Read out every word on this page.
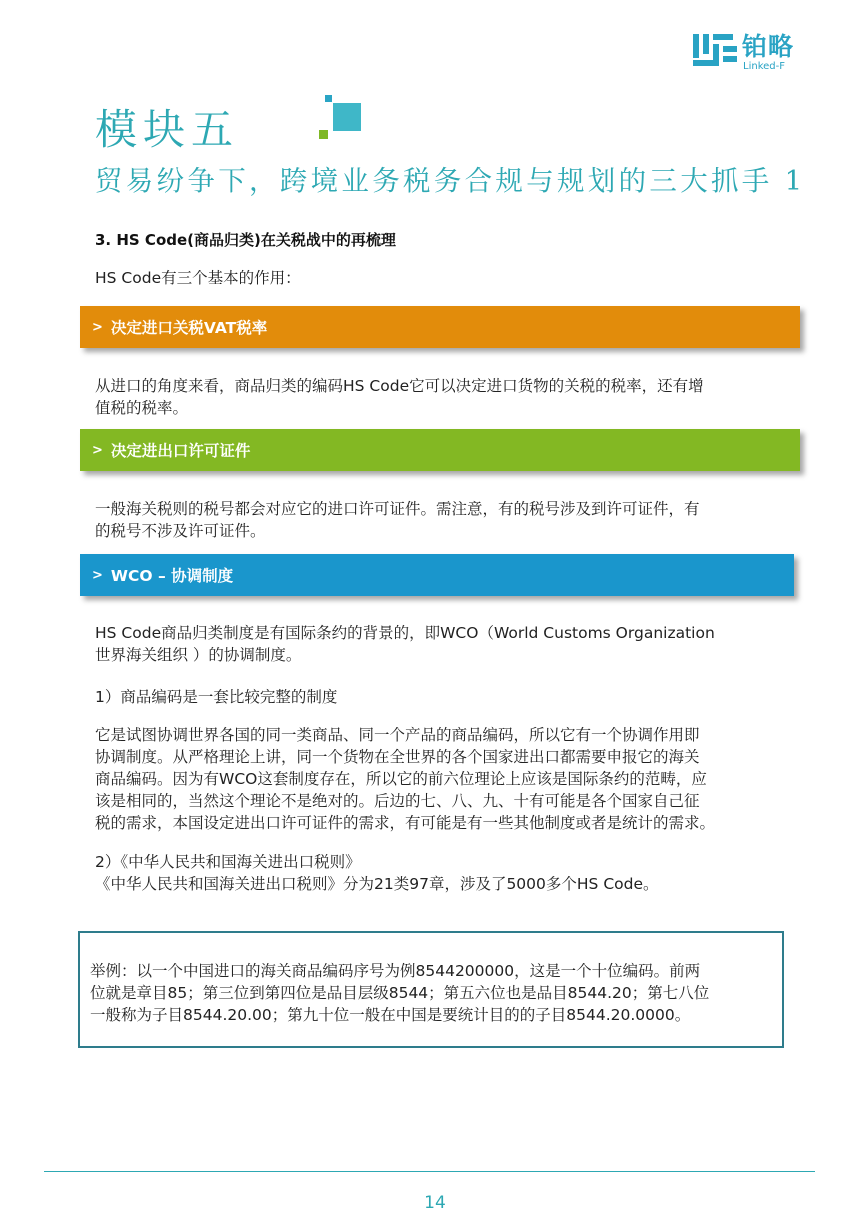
铂略
Linked-F
模块五
贸易纷争下，跨境业务税务合规与规划的三大抓手 1
3. HS Code(商品归类)在关税战中的再梳理
HS Code有三个基本的作用：
> 决定进口关税VAT税率

从进口的角度来看，商品归类的编码HS Code它可以决定进口货物的关税的税率，还有增

值税的税率。

> 决定进出口许可证件

一般海关税则的税号都会对应它的进口许可证件。需注意，有的税号涉及到许可证件，有

的税号不涉及许可证件。

> WCO – 协调制度

HS Code商品归类制度是有国际条约的背景的，即WCO（World Customs Organization

世界海关组织 ）的协调制度。

1）商品编码是一套比较完整的制度

它是试图协调世界各国的同一类商品、同一个产品的商品编码，所以它有一个协调作用即

协调制度。从严格理论上讲，同一个货物在全世界的各个国家进出口都需要申报它的海关

商品编码。因为有WCO这套制度存在，所以它的前六位理论上应该是国际条约的范畴，应

该是相同的，当然这个理论不是绝对的。后边的七、八、九、十有可能是各个国家自己征

税的需求，本国设定进出口许可证件的需求，有可能是有一些其他制度或者是统计的需求。

2）《中华人民共和国海关进出口税则》
《中华人民共和国海关进出口税则》分为21类97章，涉及了5000多个HS Code。

举例：以一个中国进口的海关商品编码序号为例8544200000，这是一个十位编码。前两

位就是章目85；第三位到第四位是品目层级8544；第五六位也是品目8544.20；第七八位

一般称为子目8544.20.00；第九十位一般在中国是要统计目的的子目8544.20.0000。

14
